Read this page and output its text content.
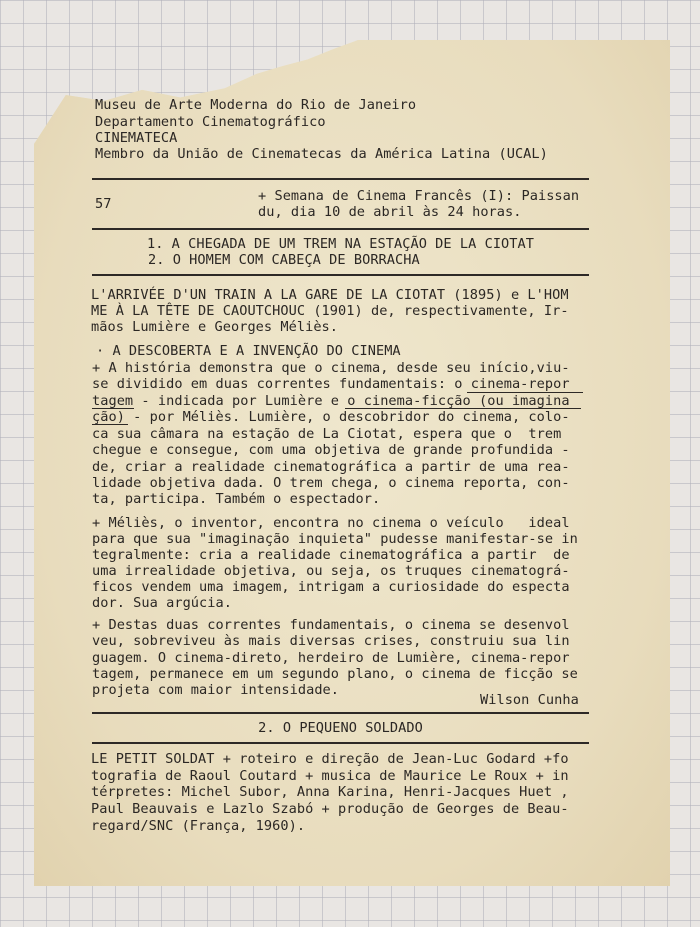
Museu de Arte Moderna do Rio de Janeiro
Departamento Cinematográfico
CINEMATECA
Membro da União de Cinematecas da América Latina (UCAL)
57	+ Semana de Cinema Francês (I): Paissan
du, dia 10 de abril às 24 horas.
1. A CHEGADA DE UM TREM NA ESTAÇÃO DE LA CIOTAT
2. O HOMEM COM CABEÇA DE BORRACHA
L'ARRIVÉE D'UN TRAIN A LA GARE DE LA CIOTAT (1895) e L'HOM
ME À LA TÊTE DE CAOUTCHOUC (1901) de, respectivamente, Ir-
mãos Lumière e Georges Méliès.
· A DESCOBERTA E A INVENÇÃO DO CINEMA
+ A história demonstra que o cinema, desde seu início,viu-
se dividido em duas correntes fundamentais: o cinema-repor
tagem - indicada por Lumière e o cinema-ficção (ou imagina
ção) - por Méliès. Lumière, o descobridor do cinema, colo-
ca sua câmara na estação de La Ciotat, espera que o  trem
chegue e consegue, com uma objetiva de grande profundida -
de, criar a realidade cinematográfica a partir de uma rea-
lidade objetiva dada. O trem chega, o cinema reporta, con-
ta, participa. Também o espectador.
+ Méliès, o inventor, encontra no cinema o veículo   ideal
para que sua "imaginação inquieta" pudesse manifestar-se in
tegralmente: cria a realidade cinematográfica a partir  de
uma irrealidade objetiva, ou seja, os truques cinematográ-
ficos vendem uma imagem, intrigam a curiosidade do especta
dor. Sua argúcia.
+ Destas duas correntes fundamentais, o cinema se desenvol
veu, sobreviveu às mais diversas crises, construiu sua lin
guagem. O cinema-direto, herdeiro de Lumière, cinema-repor
tagem, permanece em um segundo plano, o cinema de ficção se
projeta com maior intensidade.
Wilson Cunha
2. O PEQUENO SOLDADO
LE PETIT SOLDAT + roteiro e direção de Jean-Luc Godard +fo
tografia de Raoul Coutard + musica de Maurice Le Roux + in
térpretes: Michel Subor, Anna Karina, Henri-Jacques Huet ,
Paul Beauvais e Lazlo Szabó + produção de Georges de Beau-
regard/SNC (França, 1960).
